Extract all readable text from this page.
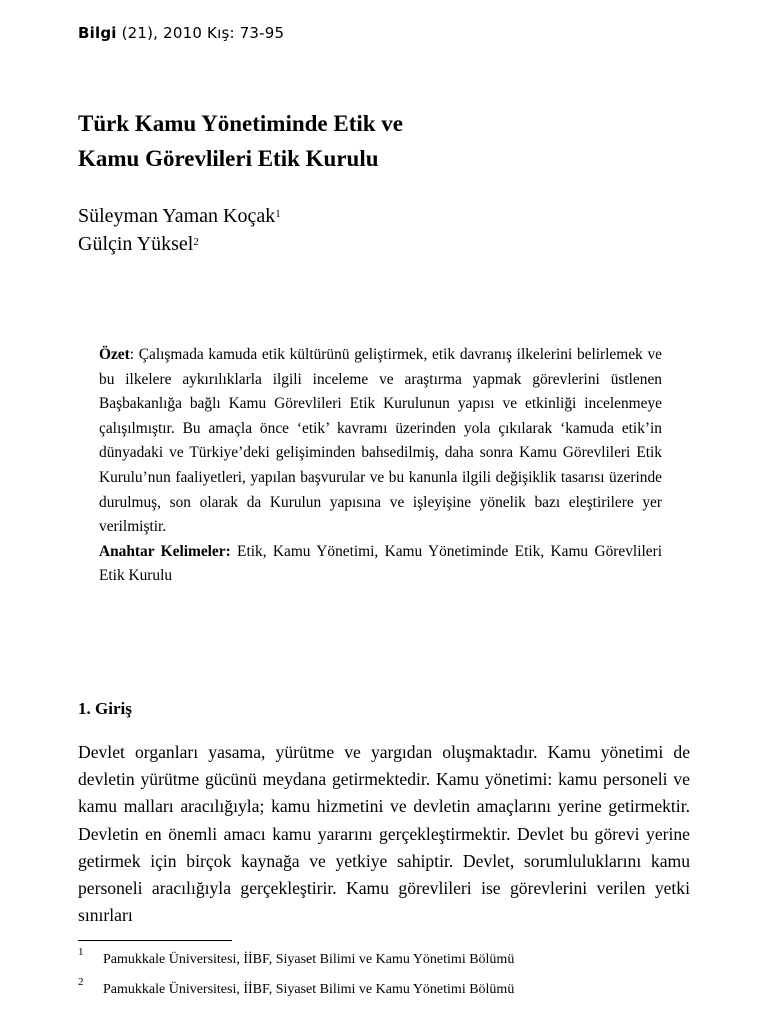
Bilgi (21), 2010 Kış: 73-95
Türk Kamu Yönetiminde Etik ve
Kamu Görevlileri Etik Kurulu
Süleyman Yaman Koçak$^1$
Gülçin Yüksel$^2$

Özet: Çalışmada kamuda etik kültürünü geliştirmek, etik davranış ilkelerini belirlemek ve bu ilkelere aykırılıklarla ilgili inceleme ve araştırma yapmak görevlerini üstlenen Başbakanlığa bağlı Kamu Görevlileri Etik Kurulunun yapısı ve etkinliği incelenmeye çalışılmıştır. Bu amaçla önce ‘etik’ kavramı üzerinden yola çıkılarak ‘kamuda etik’in dünyadaki ve Türkiye’deki gelişiminden bahsedilmiş, daha sonra Kamu Görevlileri Etik Kurulu’nun faaliyetleri, yapılan başvurular ve bu kanunla ilgili değişiklik tasarısı üzerinde durulmuş, son olarak da Kurulun yapısına ve işleyişine yönelik bazı eleştirilere yer verilmiştir.

Anahtar Kelimeler: Etik, Kamu Yönetimi, Kamu Yönetiminde Etik, Kamu Görevlileri Etik Kurulu

1. Giriş

Devlet organları yasama, yürütme ve yargıdan oluşmaktadır. Kamu yönetimi de devletin yürütme gücünü meydana getirmektedir. Kamu yönetimi: kamu personeli ve kamu malları aracılığıyla; kamu hizmetini ve devletin amaçlarını yerine getirmektir. Devletin en önemli amacı kamu yararını gerçekleştirmektir. Devlet bu görevi yerine getirmek için birçok kaynağa ve yetkiye sahiptir. Devlet, sorumluluklarını kamu personeli aracılığıyla gerçekleştirir. Kamu görevlileri ise görevlerini verilen yetki sınırları

1 Pamukkale Üniversitesi, İİBF, Siyaset Bilimi ve Kamu Yönetimi Bölümü
2 Pamukkale Üniversitesi, İİBF, Siyaset Bilimi ve Kamu Yönetimi Bölümü
